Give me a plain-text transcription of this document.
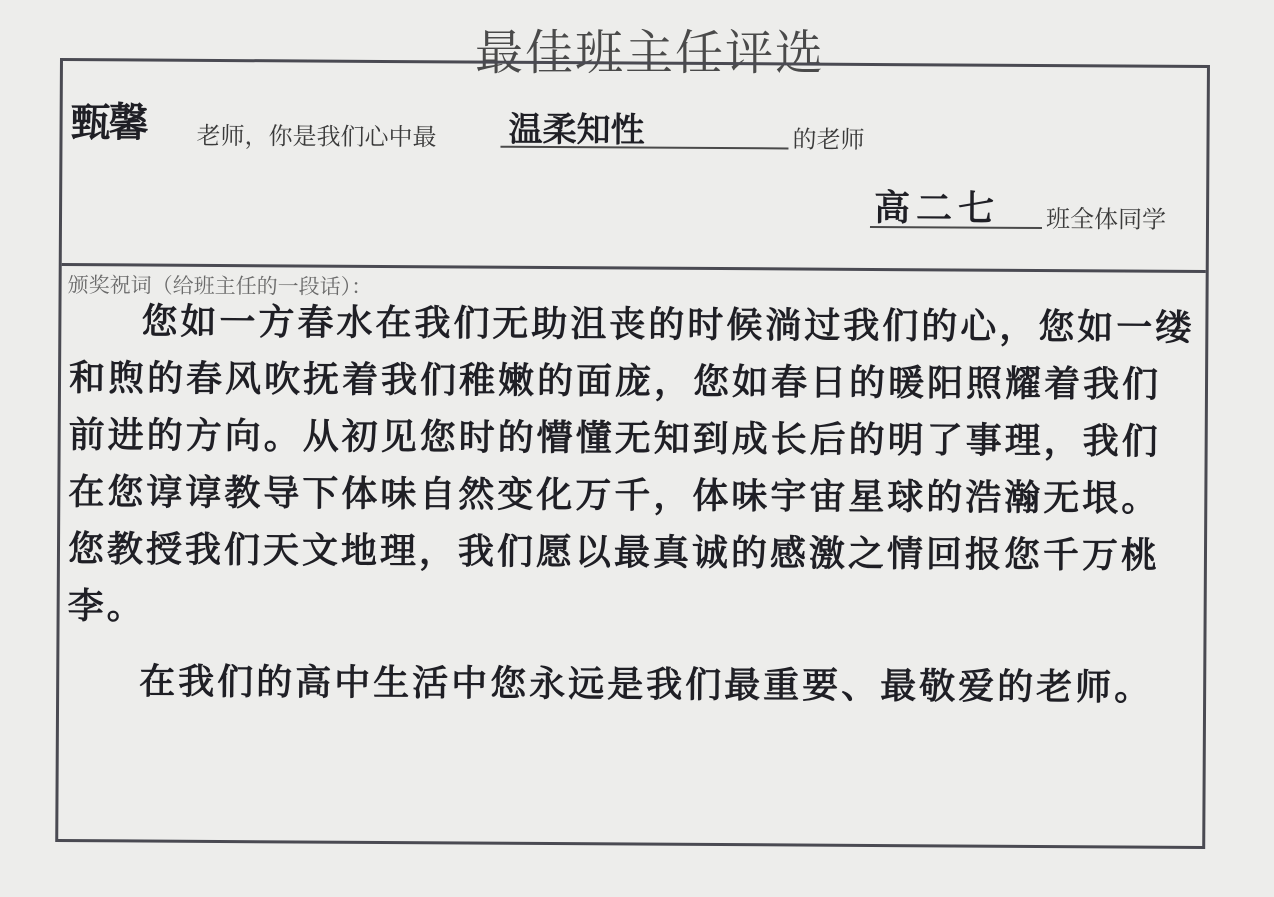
最佳班主任评选
甄馨 老师，你是我们心中最 温柔知性	的老师
高二七 班全体同学
颁奖祝词（给班主任的一段话）：

您如一方春水在我们无助沮丧的时候淌过我们的心，您如一缕和煦的春风吹抚着我们稚嫩的面庞，您如春日的暖阳照耀着我们前进的方向。从初见您时的懵懂无知到成长后的明了事理，我们在您谆谆教导下体味自然变化万千，体味宇宙星球的浩瀚无垠。您教授我们天文地理，我们愿以最真诚的感激之情回报您千万桃李。

在我们的高中生活中您永远是我们最重要、最敬爱的老师。
